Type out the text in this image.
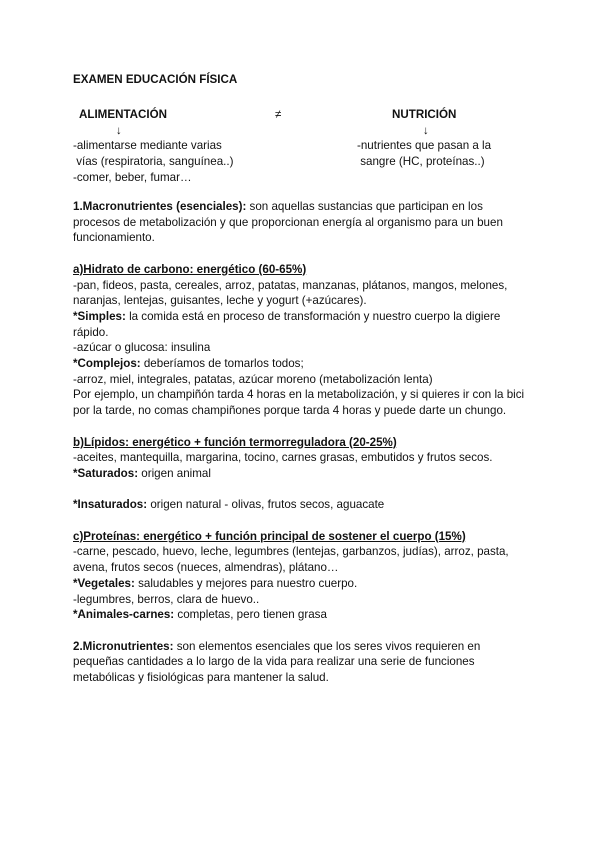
EXAMEN EDUCACIÓN FÍSICA
ALIMENTACIÓN
↓
-alimentarse mediante varias
vías (respiratoria, sanguínea..)
-comer, beber, fumar…
≠	NUTRICIÓN
↓
-nutrientes que pasan a la
sangre (HC, proteínas..)

1.Macronutrientes (esenciales): son aquellas sustancias que participan en los procesos de metabolización y que proporcionan energía al organismo para un buen funcionamiento.

a)Hidrato de carbono: energético (60-65%)

-pan, fideos, pasta, cereales, arroz, patatas, manzanas, plátanos, mangos, melones, naranjas, lentejas, guisantes, leche y yogurt (+azúcares).

*Simples: la comida está en proceso de transformación y nuestro cuerpo la digiere rápido.

-azúcar o glucosa: insulina

*Complejos: deberíamos de tomarlos todos;

-arroz, miel, integrales, patatas, azúcar moreno (metabolización lenta)

Por ejemplo, un champiñón tarda 4 horas en la metabolización, y si quieres ir con la bici por la tarde, no comas champiñones porque tarda 4 horas y puede darte un chungo.

b)Lípidos: energético + función termorreguladora (20-25%)

-aceites, mantequilla, margarina, tocino, carnes grasas, embutidos y frutos secos.

*Saturados: origen animal

*Insaturados: origen natural - olivas, frutos secos, aguacate

c)Proteínas: energético + función principal de sostener el cuerpo (15%)

-carne, pescado, huevo, leche, legumbres (lentejas, garbanzos, judías), arroz, pasta, avena, frutos secos (nueces, almendras), plátano…

*Vegetales: saludables y mejores para nuestro cuerpo.

-legumbres, berros, clara de huevo..

*Animales-carnes: completas, pero tienen grasa

2.Micronutrientes: son elementos esenciales que los seres vivos requieren en pequeñas cantidades a lo largo de la vida para realizar una serie de funciones metabólicas y fisiológicas para mantener la salud.
